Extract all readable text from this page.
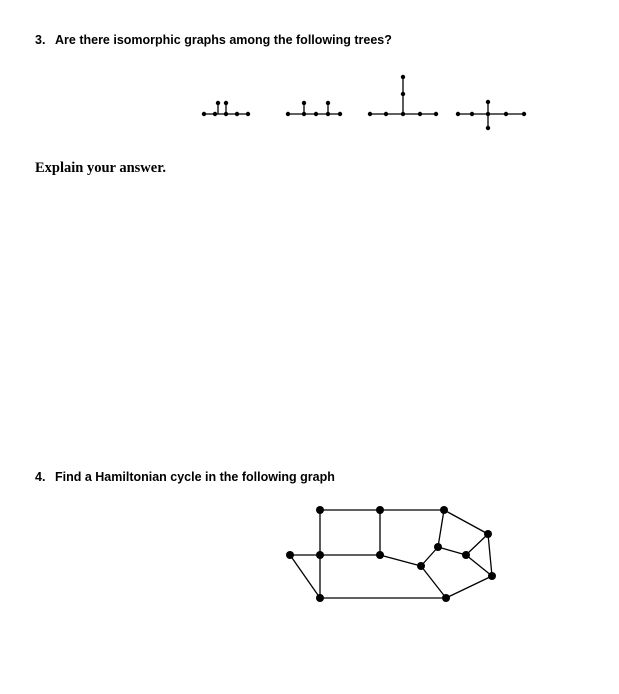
3. Are there isomorphic graphs among the following trees?
Explain your answer.
4. Find a Hamiltonian cycle in the following graph
